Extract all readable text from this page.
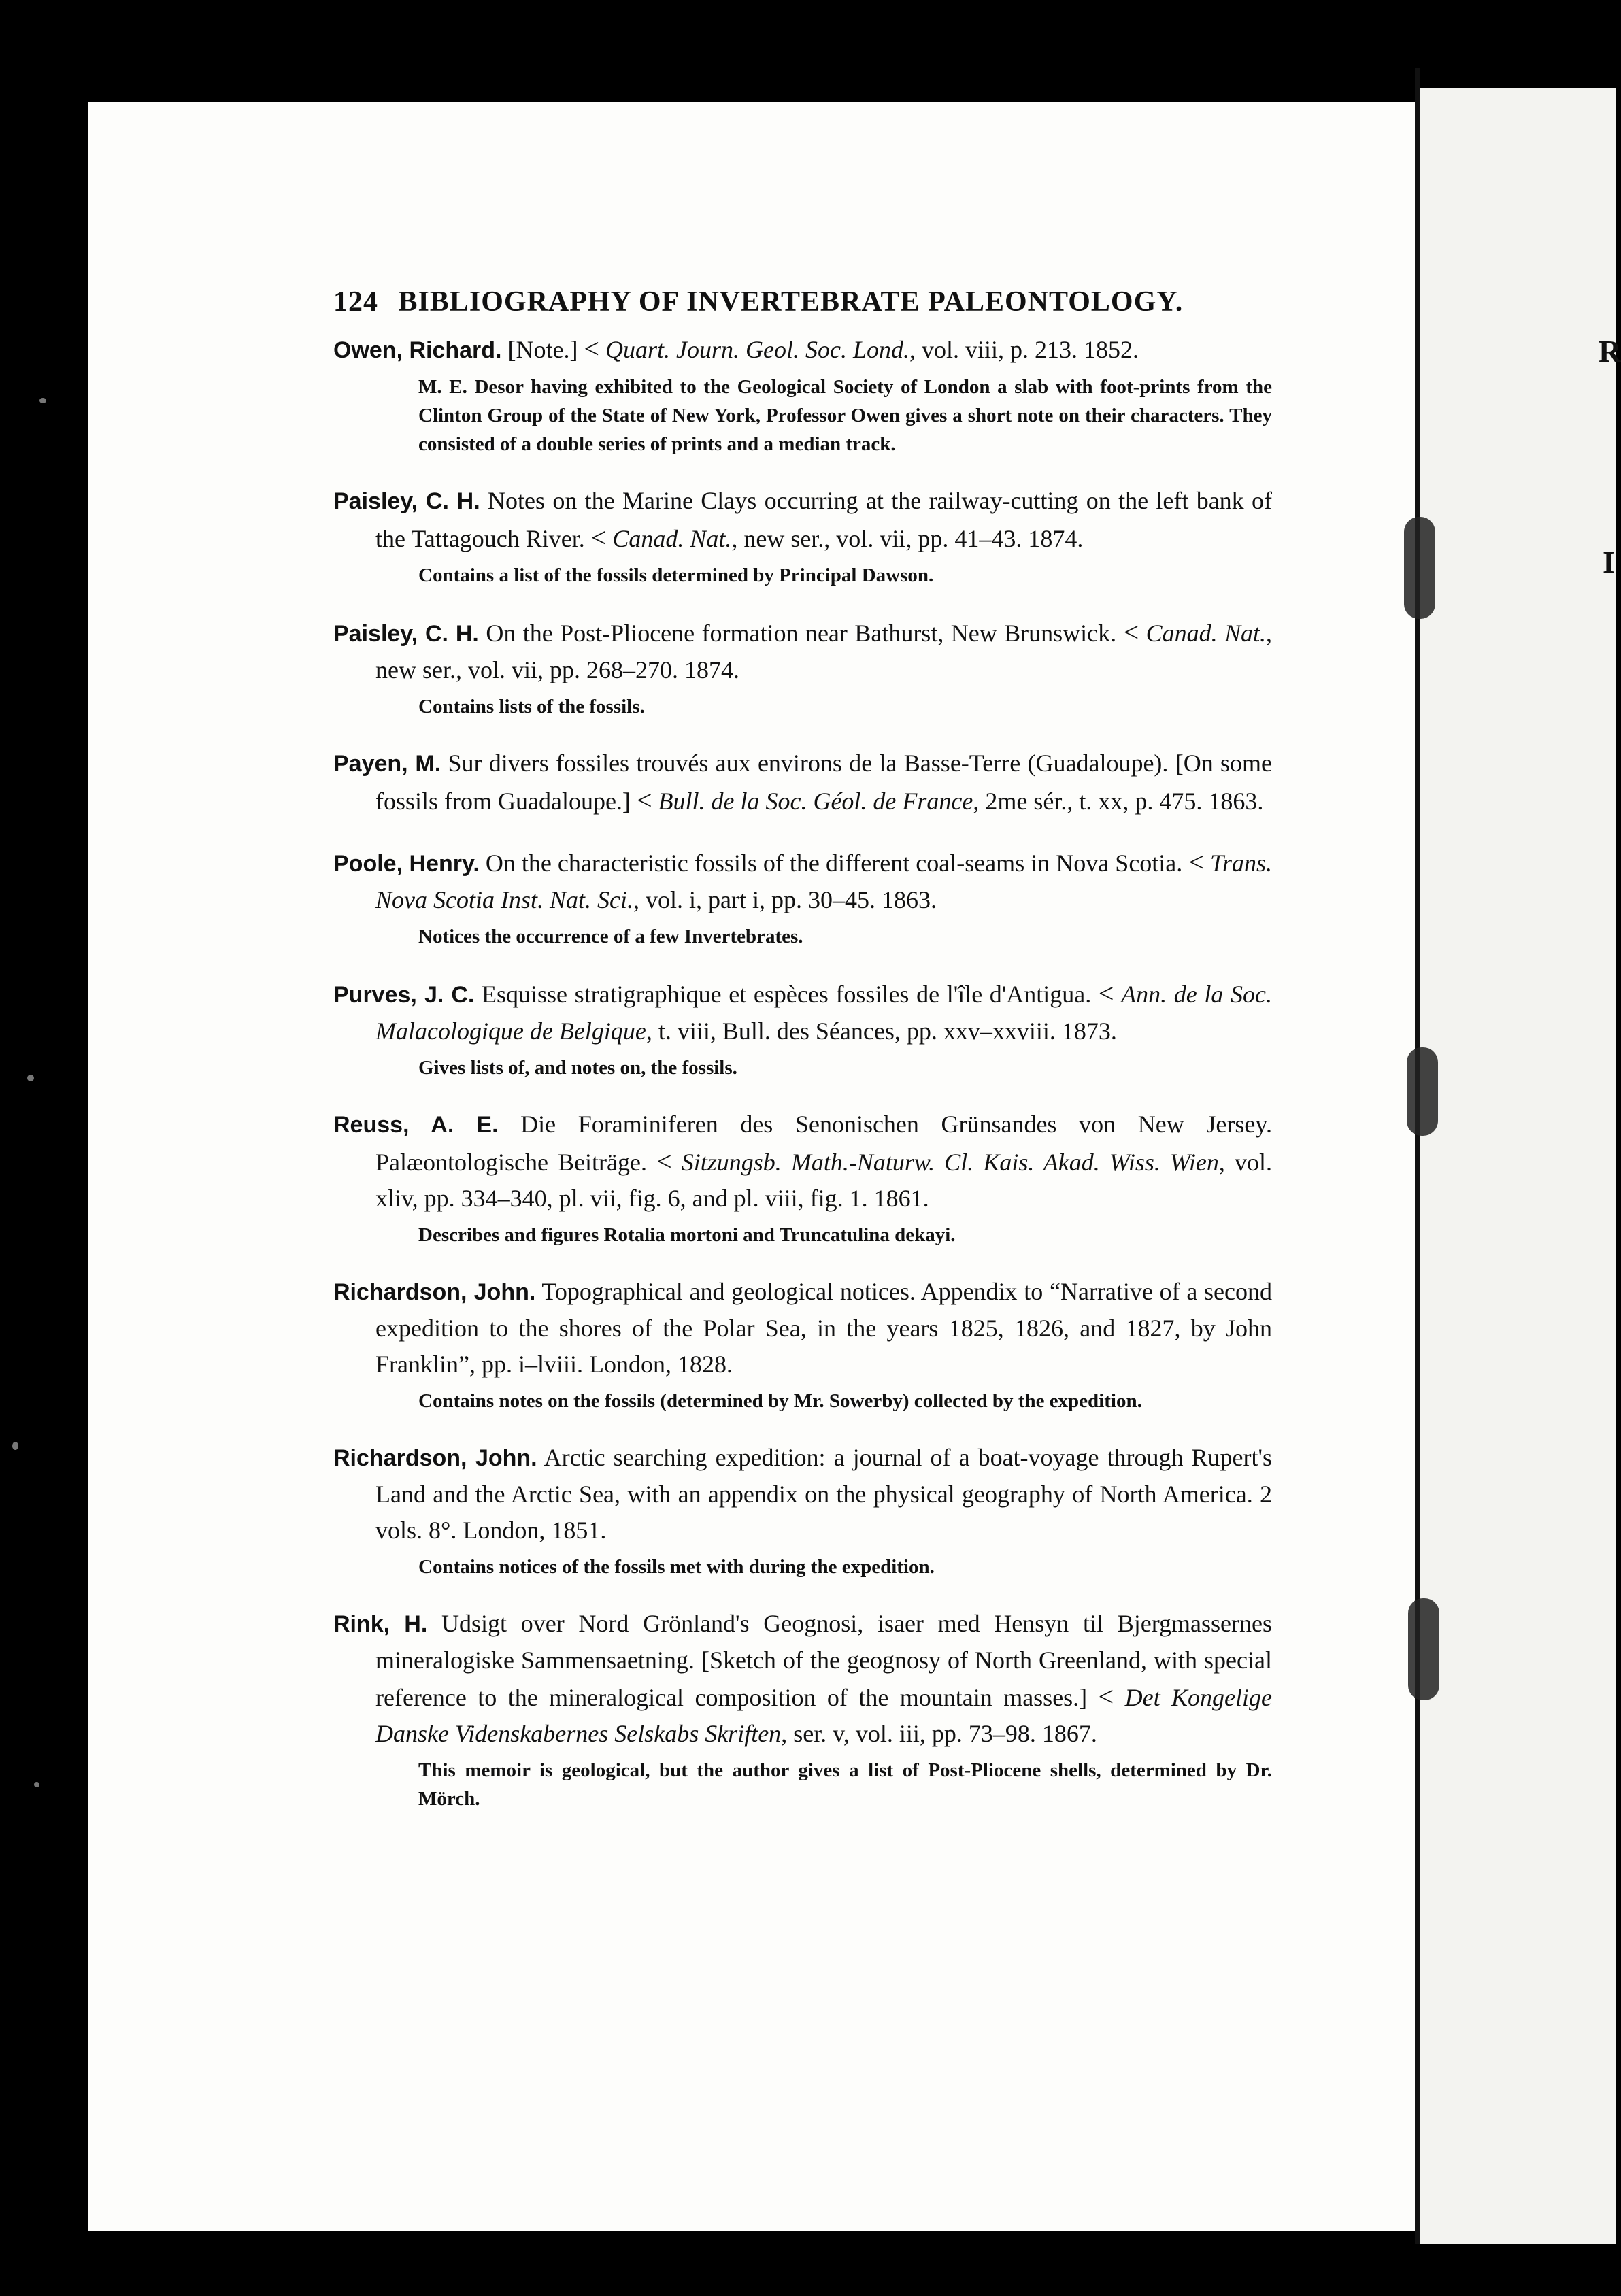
R
I
124 BIBLIOGRAPHY OF INVERTEBRATE PALEONTOLOGY.
Owen, Richard. [Note.] < Quart. Journ. Geol. Soc. Lond., vol. viii, p. 213. 1852.
M. E. Desor having exhibited to the Geological Society of London a slab with foot-prints from the Clinton Group of the State of New York, Professor Owen gives a short note on their characters. They consisted of a double series of prints and a median track.
Paisley, C. H. Notes on the Marine Clays occurring at the railway-cutting on the left bank of the Tattagouch River. < Canad. Nat., new ser., vol. vii, pp. 41–43. 1874.
Contains a list of the fossils determined by Principal Dawson.
Paisley, C. H. On the Post-Pliocene formation near Bathurst, New Brunswick. < Canad. Nat., new ser., vol. vii, pp. 268–270. 1874.
Contains lists of the fossils.
Payen, M. Sur divers fossiles trouvés aux environs de la Basse-Terre (Guadaloupe). [On some fossils from Guadaloupe.] < Bull. de la Soc. Géol. de France, 2me sér., t. xx, p. 475. 1863.
Poole, Henry. On the characteristic fossils of the different coal-seams in Nova Scotia. < Trans. Nova Scotia Inst. Nat. Sci., vol. i, part i, pp. 30–45. 1863.
Notices the occurrence of a few Invertebrates.
Purves, J. C. Esquisse stratigraphique et espèces fossiles de l'île d'Antigua. < Ann. de la Soc. Malacologique de Belgique, t. viii, Bull. des Séances, pp. xxv–xxviii. 1873.
Gives lists of, and notes on, the fossils.
Reuss, A. E. Die Foraminiferen des Senonischen Grünsandes von New Jersey. Palæontologische Beiträge. < Sitzungsb. Math.-Naturw. Cl. Kais. Akad. Wiss. Wien, vol. xliv, pp. 334–340, pl. vii, fig. 6, and pl. viii, fig. 1. 1861.
Describes and figures Rotalia mortoni and Truncatulina dekayi.
Richardson, John. Topographical and geological notices. Appendix to “Narrative of a second expedition to the shores of the Polar Sea, in the years 1825, 1826, and 1827, by John Franklin”, pp. i–lviii. London, 1828.
Contains notes on the fossils (determined by Mr. Sowerby) collected by the expedition.
Richardson, John. Arctic searching expedition: a journal of a boat-voyage through Rupert's Land and the Arctic Sea, with an appendix on the physical geography of North America. 2 vols. 8°. London, 1851.
Contains notices of the fossils met with during the expedition.
Rink, H. Udsigt over Nord Grönland's Geognosi, isaer med Hensyn til Bjergmassernes mineralogiske Sammensaetning. [Sketch of the geognosy of North Greenland, with special reference to the mineralogical composition of the mountain masses.] < Det Kongelige Danske Videnskabernes Selskabs Skriften, ser. v, vol. iii, pp. 73–98. 1867.
This memoir is geological, but the author gives a list of Post-Pliocene shells, determined by Dr. Mörch.
